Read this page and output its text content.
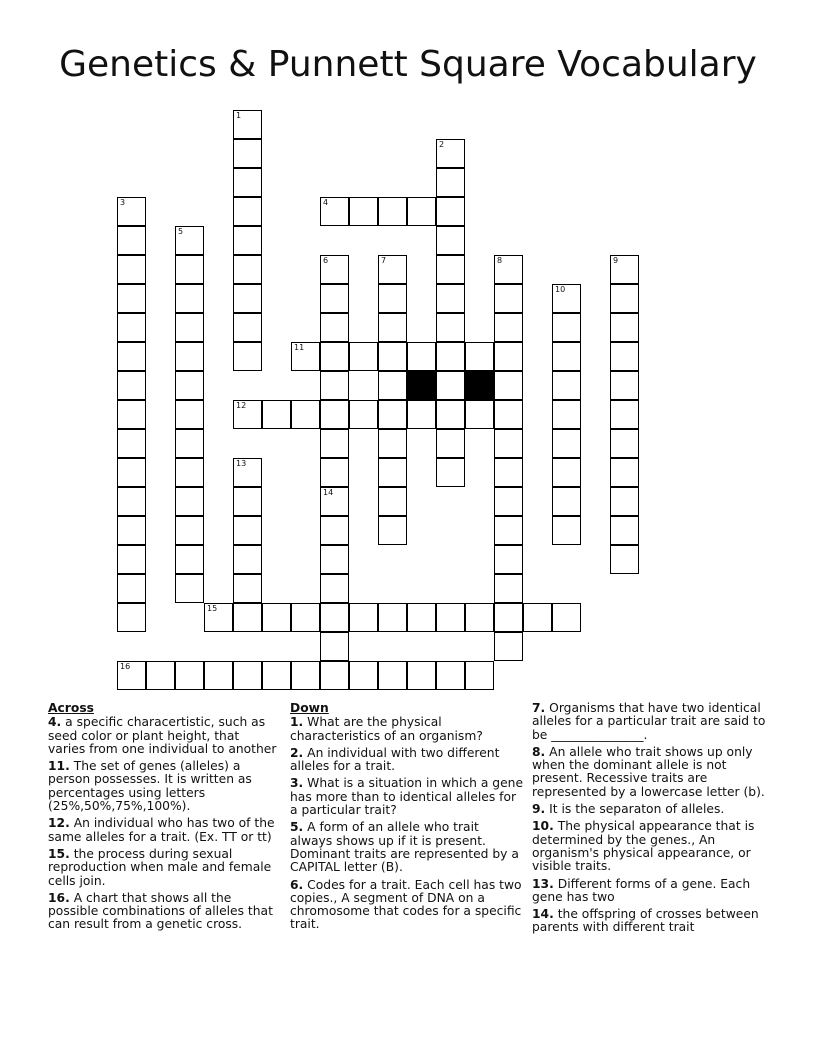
Genetics & Punnett Square Vocabulary
1
2
3	4
5
6
14
7	8	9
10
11
12
13
15
16
Across
4. a specific characertistic, such as seed color or plant height, that varies from one individual to another
11. The set of genes (alleles) a person possesses. It is written as percentages using letters (25%,50%,75%,100%).
12. An individual who has two of the same alleles for a trait. (Ex. TT or tt)
15. the process during sexual reproduction when male and female cells join.
16. A chart that shows all the possible combinations of alleles that can result from a genetic cross.
Down
1. What are the physical characteristics of an organism?
2. An individual with two different alleles for a trait.
3. What is a situation in which a gene has more than to identical alleles for a particular trait?
5. A form of an allele who trait always shows up if it is present. Dominant traits are represented by a CAPITAL letter (B).
6. Codes for a trait. Each cell has two copies., A segment of DNA on a chromosome that codes for a specific trait.
7. Organisms that have two identical alleles for a particular trait are said to be _______________.
8. An allele who trait shows up only when the dominant allele is not present. Recessive traits are represented by a lowercase letter (b).
9. It is the separaton of alleles.
10. The physical appearance that is determined by the genes., An organism's physical appearance, or visible traits.
13. Different forms of a gene. Each gene has two
14. the offspring of crosses between parents with different trait
